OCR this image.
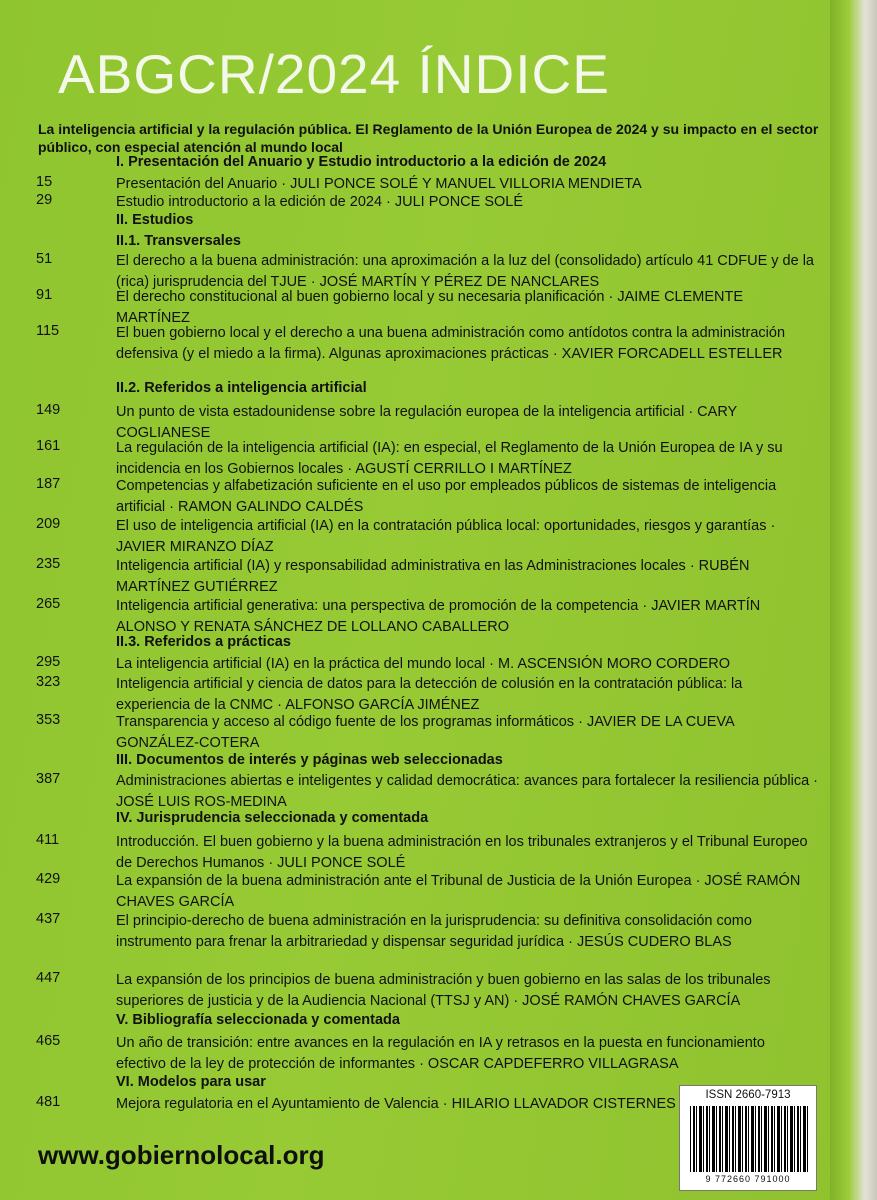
ABGCR/2024 ÍNDICE
La inteligencia artificial y la regulación pública. El Reglamento de la Unión Europea de 2024 y su impacto en el sector público, con especial atención al mundo local
I. Presentación del Anuario y Estudio introductorio a la edición de 2024
II. Estudios
II.1. Transversales
II.2. Referidos a inteligencia artificial
II.3. Referidos a prácticas
III. Documentos de interés y páginas web seleccionadas
IV. Jurisprudencia seleccionada y comentada
V. Bibliografía seleccionada y comentada
VI. Modelos para usar
15	Presentación del Anuario · JULI PONCE SOLÉ Y MANUEL VILLORIA MENDIETA
29	Estudio introductorio a la edición de 2024 · JULI PONCE SOLÉ
51	El derecho a la buena administración: una aproximación a la luz del (consolidado) artículo 41 CDFUE y de la (rica) jurisprudencia del TJUE · JOSÉ MARTÍN Y PÉREZ DE NANCLARES
91	El derecho constitucional al buen gobierno local y su necesaria planificación · JAIME CLEMENTE MARTÍNEZ
115	El buen gobierno local y el derecho a una buena administración como antídotos contra la administración defensiva (y el miedo a la firma). Algunas aproximaciones prácticas · XAVIER FORCADELL ESTELLER
149	Un punto de vista estadounidense sobre la regulación europea de la inteligencia artificial · CARY COGLIANESE
161	La regulación de la inteligencia artificial (IA): en especial, el Reglamento de la Unión Europea de IA y su incidencia en los Gobiernos locales · AGUSTÍ CERRILLO I MARTÍNEZ
187	Competencias y alfabetización suficiente en el uso por empleados públicos de sistemas de inteligencia artificial · RAMON GALINDO CALDÉS
209	El uso de inteligencia artificial (IA) en la contratación pública local: oportunidades, riesgos y garantías · JAVIER MIRANZO DÍAZ
235	Inteligencia artificial (IA) y responsabilidad administrativa en las Administraciones locales · RUBÉN MARTÍNEZ GUTIÉRREZ
265	Inteligencia artificial generativa: una perspectiva de promoción de la competencia · JAVIER MARTÍN ALONSO Y RENATA SÁNCHEZ DE LOLLANO CABALLERO
295	La inteligencia artificial (IA) en la práctica del mundo local · M. ASCENSIÓN MORO CORDERO
323	Inteligencia artificial y ciencia de datos para la detección de colusión en la contratación pública: la experiencia de la CNMC · ALFONSO GARCÍA JIMÉNEZ
353	Transparencia y acceso al código fuente de los programas informáticos · JAVIER DE LA CUEVA GONZÁLEZ-COTERA
387	Administraciones abiertas e inteligentes y calidad democrática: avances para fortalecer la resiliencia pública · JOSÉ LUIS ROS-MEDINA
411	Introducción. El buen gobierno y la buena administración en los tribunales extranjeros y el Tribunal Europeo de Derechos Humanos · JULI PONCE SOLÉ
429	La expansión de la buena administración ante el Tribunal de Justicia de la Unión Europea · JOSÉ RAMÓN CHAVES GARCÍA
437	El principio-derecho de buena administración en la jurisprudencia: su definitiva consolidación como instrumento para frenar la arbitrariedad y dispensar seguridad jurídica · JESÚS CUDERO BLAS
447	La expansión de los principios de buena administración y buen gobierno en las salas de los tribunales superiores de justicia y de la Audiencia Nacional (TTSJ y AN) · JOSÉ RAMÓN CHAVES GARCÍA
465	Un año de transición: entre avances en la regulación en IA y retrasos en la puesta en funcionamiento efectivo de la ley de protección de informantes · OSCAR CAPDEFERRO VILLAGRASA
481	Mejora regulatoria en el Ayuntamiento de Valencia · HILARIO LLAVADOR CISTERNES
www.gobiernolocal.org
ISSN 2660-7913
9 772660 791000
